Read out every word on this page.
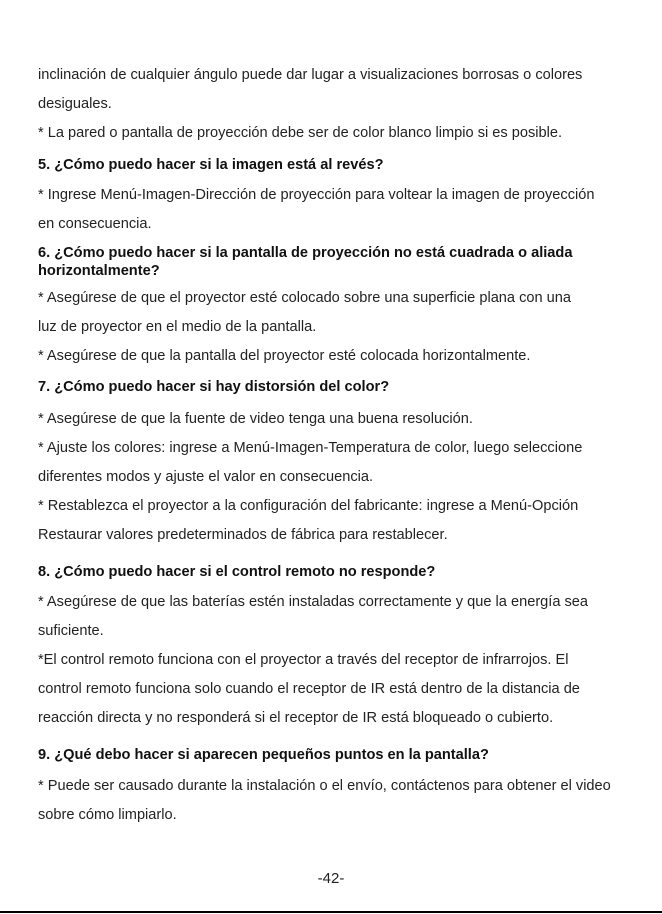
inclinación de cualquier ángulo puede dar lugar a visualizaciones borrosas o colores
desiguales.
* La pared o pantalla de proyección debe ser de color blanco limpio si es posible.
5. ¿Cómo puedo hacer si la imagen está al revés?
* Ingrese Menú-Imagen-Dirección de proyección para voltear la imagen de proyección
en consecuencia.
6. ¿Cómo puedo hacer si la pantalla de proyección no está cuadrada o aliada
horizontalmente?
* Asegúrese de que el proyector esté colocado sobre una superficie plana con una
luz de proyector en el medio de la pantalla.
* Asegúrese de que la pantalla del proyector esté colocada horizontalmente.
7. ¿Cómo puedo hacer si hay distorsión del color?
* Asegúrese de que la fuente de video tenga una buena resolución.
* Ajuste los colores: ingrese a Menú-Imagen-Temperatura de color, luego seleccione
diferentes modos y ajuste el valor en consecuencia.
* Restablezca el proyector a la configuración del fabricante: ingrese a Menú-Opción
Restaurar valores predeterminados de fábrica para restablecer.
8. ¿Cómo puedo hacer si el control remoto no responde?
* Asegúrese de que las baterías estén instaladas correctamente y que la energía sea
suficiente.
*El control remoto funciona con el proyector a través del receptor de infrarrojos. El
control remoto funciona solo cuando el receptor de IR está dentro de la distancia de
reacción directa y no responderá si el receptor de IR está bloqueado o cubierto.
9. ¿Qué debo hacer si aparecen pequeños puntos en la pantalla?
* Puede ser causado durante la instalación o el envío, contáctenos para obtener el video
sobre cómo limpiarlo.
-42-
